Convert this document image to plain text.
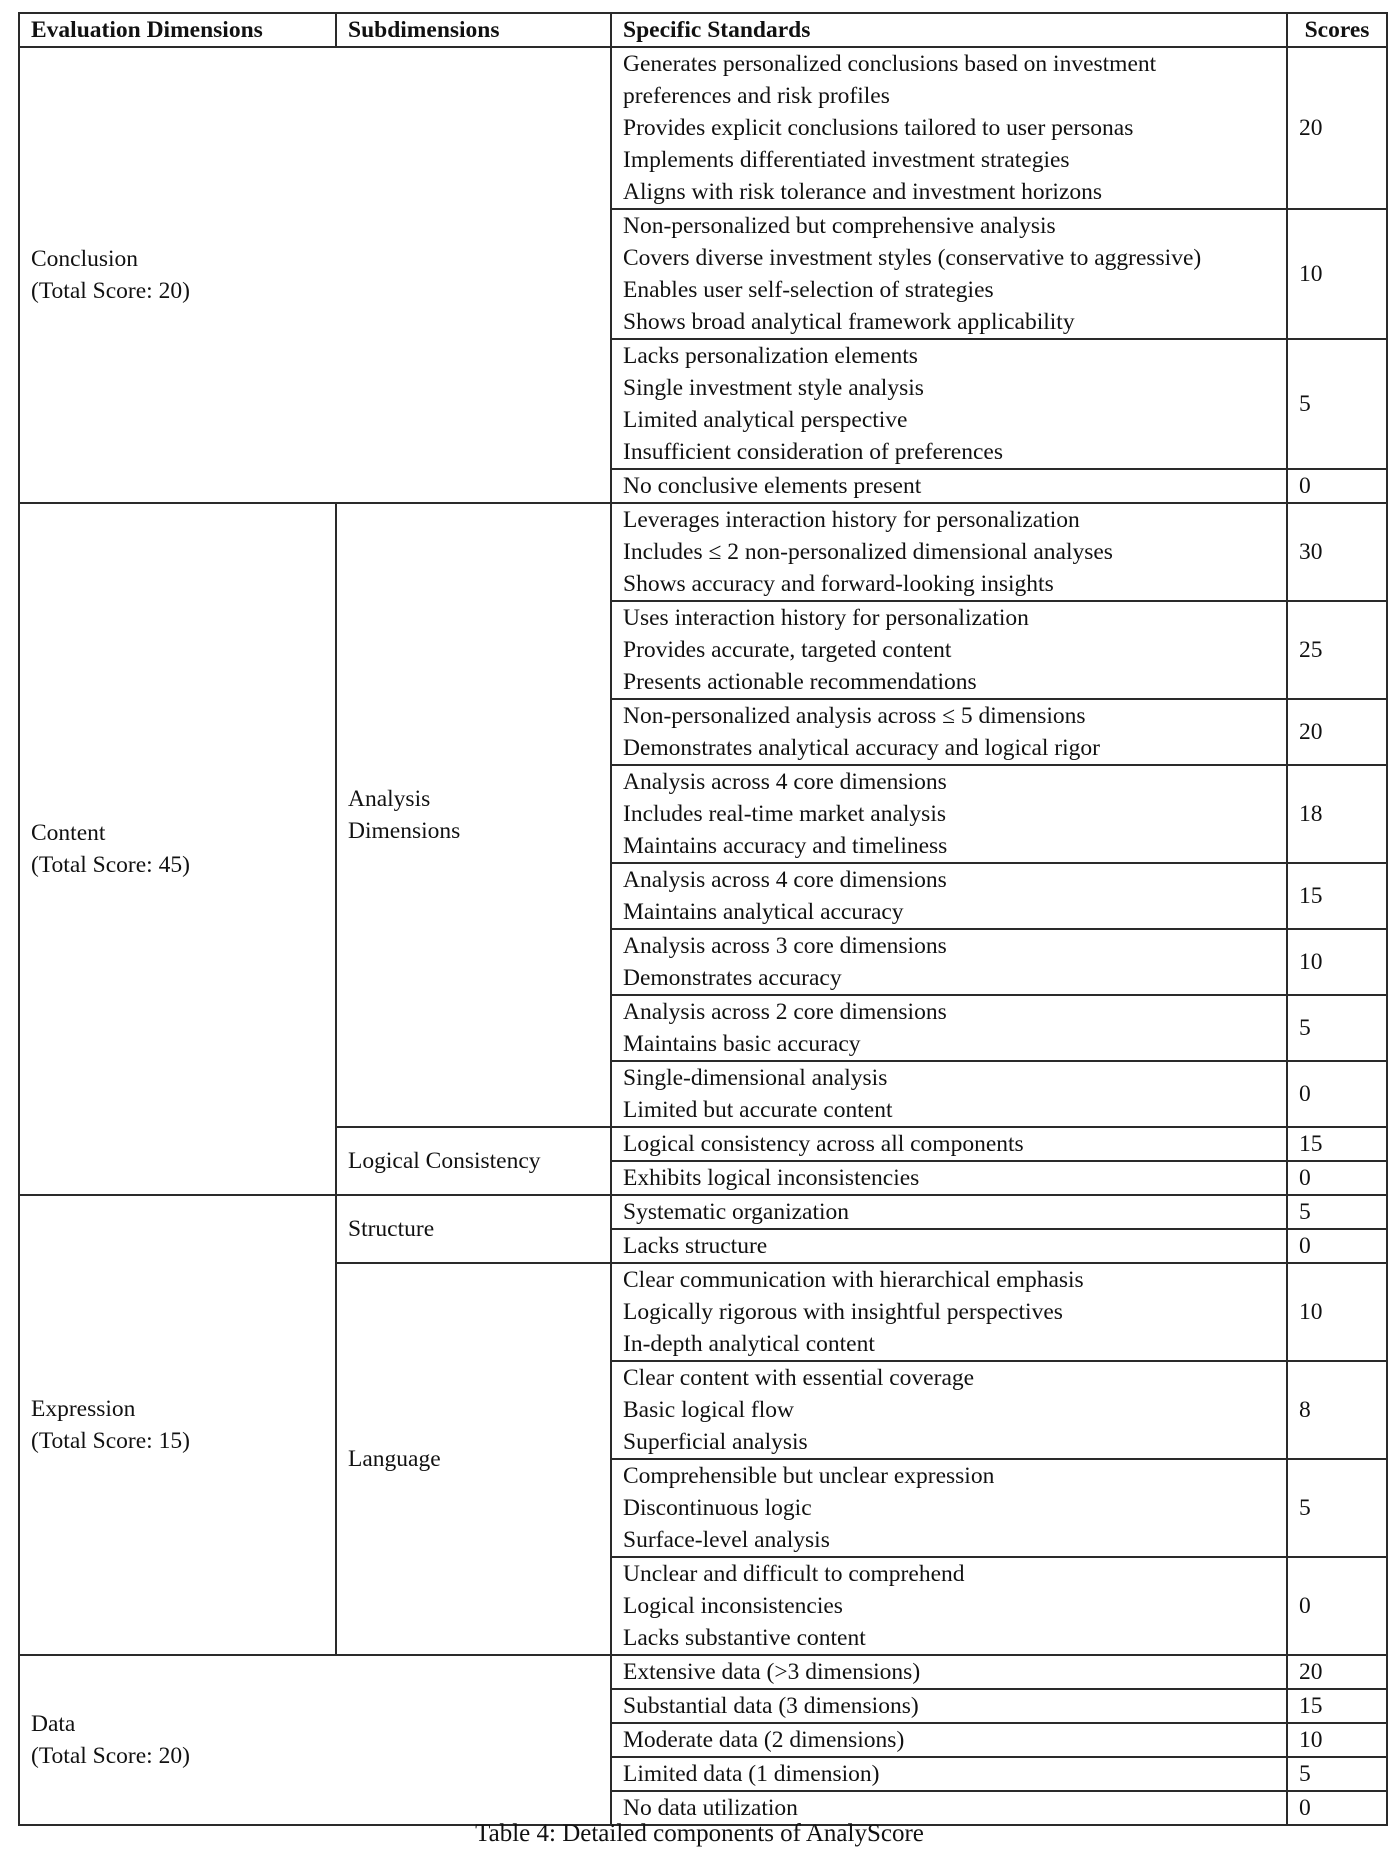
Evaluation Dimensions	Subdimensions	Specific Standards	Scores

Conclusion
(Total Score: 20)		Generates personalized conclusions based on investment
preferences and risk profiles
Provides explicit conclusions tailored to user personas
Implements differentiated investment strategies
Aligns with risk tolerance and investment horizons	20

		Non-personalized but comprehensive analysis
Covers diverse investment styles (conservative to aggressive)
Enables user self-selection of strategies
Shows broad analytical framework applicability	10

		Lacks personalization elements
Single investment style analysis
Limited analytical perspective
Insufficient consideration of preferences	5

		No conclusive elements present	0

Content
(Total Score: 45)	Analysis
Dimensions	Leverages interaction history for personalization
Includes ≤ 2 non-personalized dimensional analyses
Shows accuracy and forward-looking insights	30

		Uses interaction history for personalization
Provides accurate, targeted content
Presents actionable recommendations	25

		Non-personalized analysis across ≤ 5 dimensions
Demonstrates analytical accuracy and logical rigor	20

		Analysis across 4 core dimensions
Includes real-time market analysis
Maintains accuracy and timeliness	18

		Analysis across 4 core dimensions
Maintains analytical accuracy	15

		Analysis across 3 core dimensions
Demonstrates accuracy	10

		Analysis across 2 core dimensions
Maintains basic accuracy	5

		Single-dimensional analysis
Limited but accurate content	0
	Logical Consistency	Logical consistency across all components	15

		Exhibits logical inconsistencies	0

Expression
(Total Score: 15)	Structure	Systematic organization	5

		Lacks structure	0
	Language	Clear communication with hierarchical emphasis
Logically rigorous with insightful perspectives
In-depth analytical content	10

		Clear content with essential coverage
Basic logical flow
Superficial analysis	8

		Comprehensible but unclear expression
Discontinuous logic
Surface-level analysis	5

		Unclear and difficult to comprehend
Logical inconsistencies
Lacks substantive content	0

Data
(Total Score: 20)		Extensive data (>3 dimensions)	20

		Substantial data (3 dimensions)	15

		Moderate data (2 dimensions)	10

		Limited data (1 dimension)	5

		No data utilization	0
Table 4: Detailed components of AnalyScore
